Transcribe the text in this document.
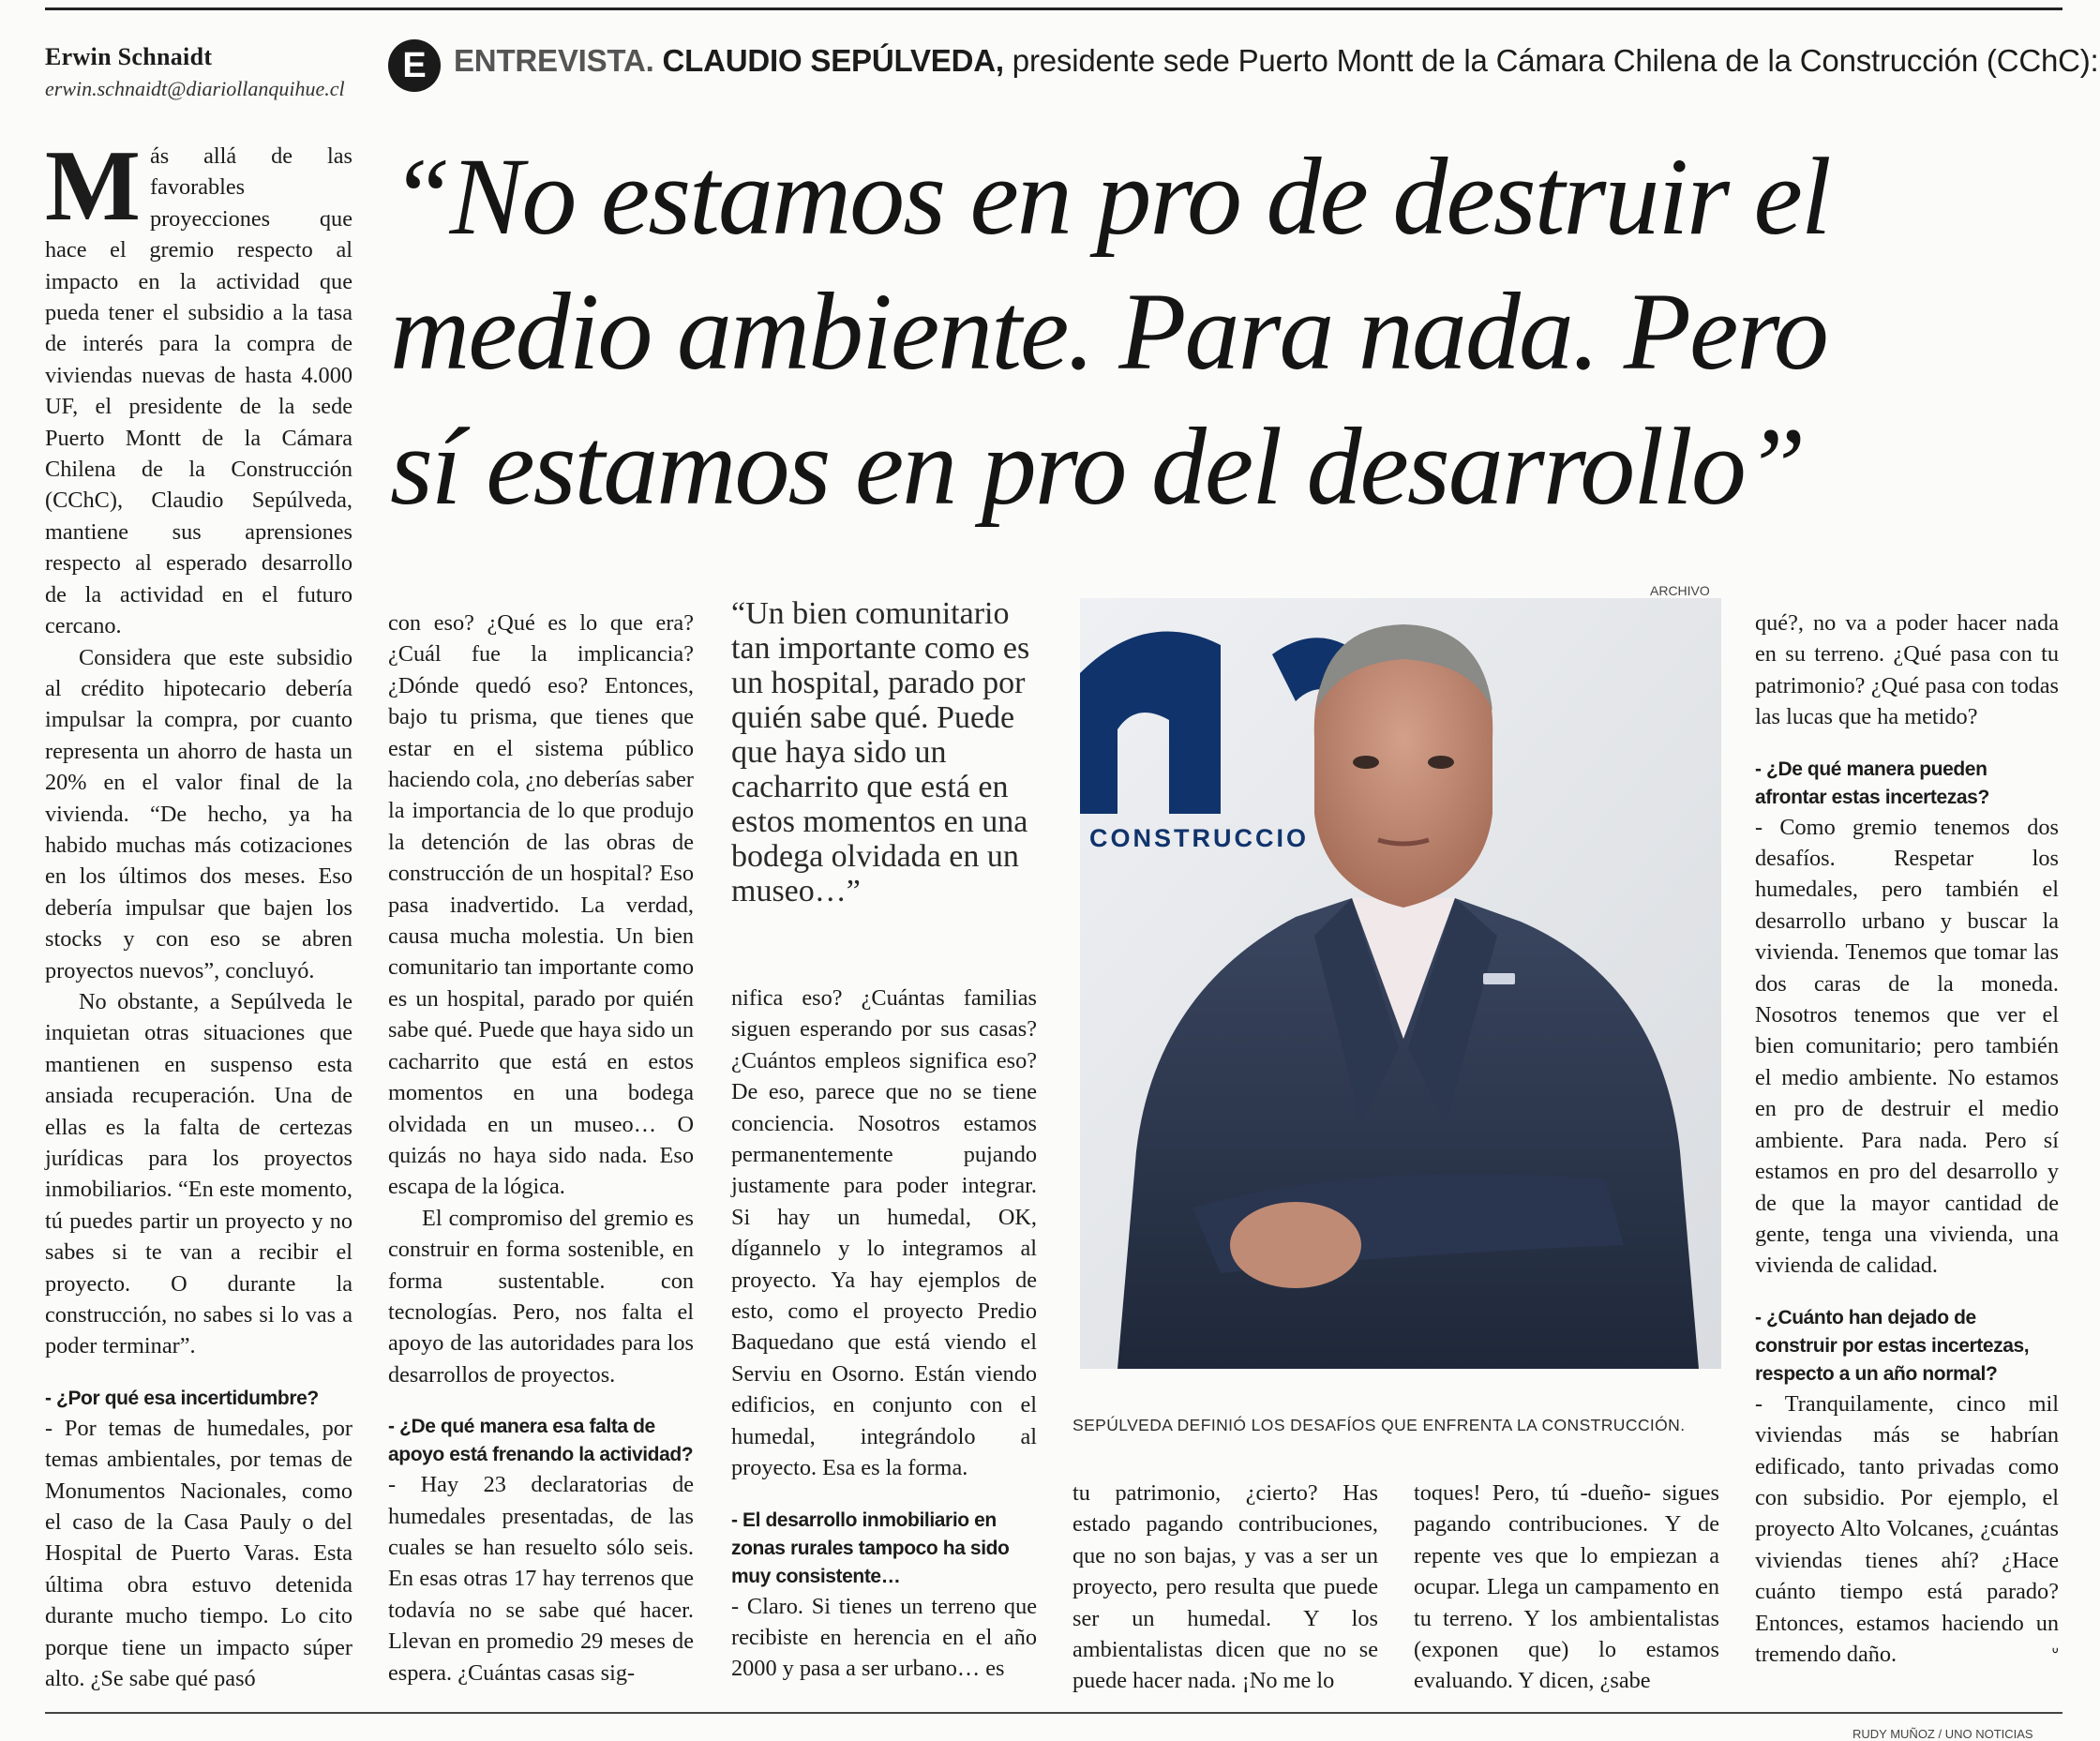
Erwin Schnaidt
erwin.schnaidt@diariollanquihue.cl
E ENTREVISTA. CLAUDIO SEPÚLVEDA, presidente sede Puerto Montt de la Cámara Chilena de la Construcción (CChC):
“No estamos en pro de destruir el
medio ambiente. Para nada. Pero
sí estamos en pro del desarrollo”

Más allá de las favorables proyecciones que hace el gremio respecto al impacto en la actividad que pueda tener el subsidio a la tasa de interés para la compra de viviendas nuevas de hasta 4.000 UF, el presidente de la sede Puerto Montt de la Cámara Chilena de la Construcción (CChC), Claudio Sepúlveda, mantiene sus aprensiones respecto al esperado desarrollo de la actividad en el futuro cercano.

Considera que este subsidio al crédito hipotecario debería impulsar la compra, por cuanto representa un ahorro de hasta un 20% en el valor final de la vivienda. “De hecho, ya ha habido muchas más cotizaciones en los últimos dos meses. Eso debería impulsar que bajen los stocks y con eso se abren proyectos nuevos”, concluyó.

No obstante, a Sepúlveda le inquietan otras situaciones que mantienen en suspenso esta ansiada recuperación. Una de ellas es la falta de certezas jurídicas para los proyectos inmobiliarios. “En este momento, tú puedes partir un proyecto y no sabes si te van a recibir el proyecto. O durante la construcción, no sabes si lo vas a poder terminar”.

- ¿Por qué esa incertidumbre?

- Por temas de humedales, por temas ambientales, por temas de Monumentos Nacionales, como el caso de la Casa Pauly o del Hospital de Puerto Varas. Esta última obra estuvo detenida durante mucho tiempo. Lo cito porque tiene un impacto súper alto. ¿Se sabe qué pasó

con eso? ¿Qué es lo que era? ¿Cuál fue la implicancia? ¿Dónde quedó eso? Entonces, bajo tu prisma, que tienes que estar en el sistema público haciendo cola, ¿no deberías saber la importancia de lo que produjo la detención de las obras de construcción de un hospital? Eso pasa inadvertido. La verdad, causa mucha molestia. Un bien comunitario tan importante como es un hospital, parado por quién sabe qué. Puede que haya sido un cacharrito que está en estos momentos en una bodega olvidada en un museo… O quizás no haya sido nada. Eso escapa de la lógica.

El compromiso del gremio es construir en forma sostenible, en forma sustentable. con tecnologías. Pero, nos falta el apoyo de las autoridades para los desarrollos de proyectos.

- ¿De qué manera esa falta de apoyo está frenando la actividad?

- Hay 23 declaratorias de humedales presentadas, de las cuales se han resuelto sólo seis. En esas otras 17 hay terrenos que todavía no se sabe qué hacer. Llevan en promedio 29 meses de espera. ¿Cuántas casas sig-

“Un bien comunitario tan importante como es un hospital, parado por quién sabe qué. Puede que haya sido un cacharrito que está en estos momentos en una bodega olvidada en un museo…”

nifica eso? ¿Cuántas familias siguen esperando por sus casas? ¿Cuántos empleos significa eso? De eso, parece que no se tiene conciencia. Nosotros estamos permanentemente pujando justamente para poder integrar. Si hay un humedal, OK, dígannelo y lo integramos al proyecto. Ya hay ejemplos de esto, como el proyecto Predio Baquedano que está viendo el Serviu en Osorno. Están viendo edificios, en conjunto con el humedal, integrándolo al proyecto. Esa es la forma.

- El desarrollo inmobiliario en zonas rurales tampoco ha sido muy consistente…

- Claro. Si tienes un terreno que recibiste en herencia en el año 2000 y pasa a ser urbano… es

ARCHIVO
CONSTRUCCIO
SEPÚLVEDA DEFINIÓ LOS DESAFÍOS QUE ENFRENTA LA CONSTRUCCIÓN.

tu patrimonio, ¿cierto? Has estado pagando contribuciones, que no son bajas, y vas a ser un proyecto, pero resulta que puede ser un humedal. Y los ambientalistas dicen que no se puede hacer nada. ¡No me lo

toques! Pero, tú -dueño- sigues pagando contribuciones. Y de repente ves que lo empiezan a ocupar. Llega un campamento en tu terreno. Y los ambientalistas (exponen que) lo estamos evaluando. Y dicen, ¿sabe

qué?, no va a poder hacer nada en su terreno. ¿Qué pasa con tu patrimonio? ¿Qué pasa con todas las lucas que ha metido?

- ¿De qué manera pueden afrontar estas incertezas?

- Como gremio tenemos dos desafíos. Respetar los humedales, pero también el desarrollo urbano y buscar la vivienda. Tenemos que tomar las dos caras de la moneda. Nosotros tenemos que ver el bien comunitario; pero también el medio ambiente. No estamos en pro de destruir el medio ambiente. Para nada. Pero sí estamos en pro del desarrollo y de que la mayor cantidad de gente, tenga una vivienda, una vivienda de calidad.

- ¿Cuánto han dejado de construir por estas incertezas, respecto a un año normal?

- Tranquilamente, cinco mil viviendas más se habrían edificado, tanto privadas como con subsidio. Por ejemplo, el proyecto Alto Volcanes, ¿cuántas viviendas tienes ahí? ¿Hace cuánto tiempo está parado? Entonces, estamos haciendo un tremendo daño.	ᐡ

RUDY MUÑOZ / UNO NOTICIAS
